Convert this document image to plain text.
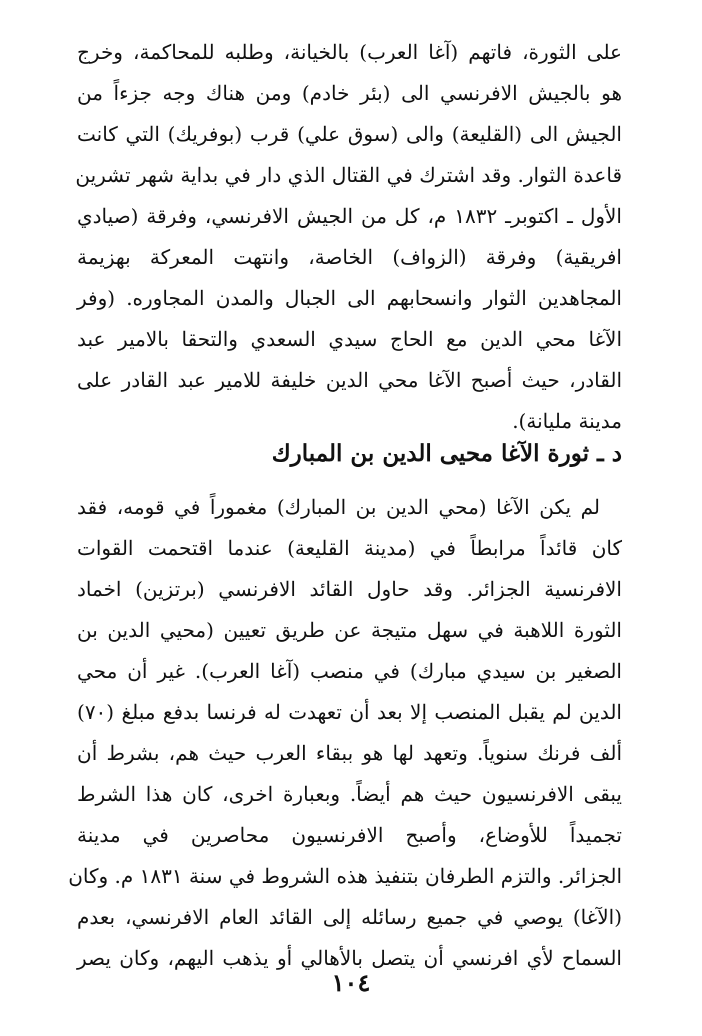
على الثورة، فاتهم (آغا العرب) بالخيانة، وطلبه للمحاكمة، وخرج
هو بالجيش الافرنسي الى (بئر خادم) ومن هناك وجه جزءاً من
الجيش الى (القليعة) والى (سوق علي) قرب (بوفريك) التي كانت
قاعدة الثوار. وقد اشترك في القتال الذي دار في بداية شهر تشرين
الأول ـ اكتوبرـ ١٨٣٢ م، كل من الجيش الافرنسي، وفرقة (صيادي
افريقية) وفرقة (الزواف) الخاصة، وانتهت المعركة بهزيمة
المجاهدين الثوار وانسحابهم الى الجبال والمدن المجاوره. (وفر
الآغا محي الدين مع الحاج سيدي السعدي والتحقا بالامير عبد
القادر، حيث أصبح الآغا محي الدين خليفة للامير عبد القادر على
مدينة مليانة).
د ـ ثورة الآغا محيى الدين بن المبارك
لم يكن الآغا (محي الدين بن المبارك) مغموراً في قومه، فقد
كان قائداً مرابطاً في (مدينة القليعة) عندما اقتحمت القوات
الافرنسية الجزائر. وقد حاول القائد الافرنسي (برتزين) اخماد
الثورة اللاهبة في سهل متيجة عن طريق تعيين (محيي الدين بن
الصغير بن سيدي مبارك) في منصب (آغا العرب). غير أن محي
الدين لم يقبل المنصب إلا بعد أن تعهدت له فرنسا بدفع مبلغ (٧٠)
ألف فرنك سنوياً. وتعهد لها هو ببقاء العرب حيث هم، بشرط أن
يبقى الافرنسيون حيث هم أيضاً. وبعبارة اخرى، كان هذا الشرط
تجميداً للأوضاع، وأصبح الافرنسيون محاصرين في مدينة
الجزائر. والتزم الطرفان بتنفيذ هذه الشروط في سنة ١٨٣١ م. وكان
(الآغا) يوصي في جميع رسائله إلى القائد العام الافرنسي، بعدم
السماح لأي افرنسي أن يتصل بالأهالي أو يذهب اليهم، وكان يصر
١٠٤
